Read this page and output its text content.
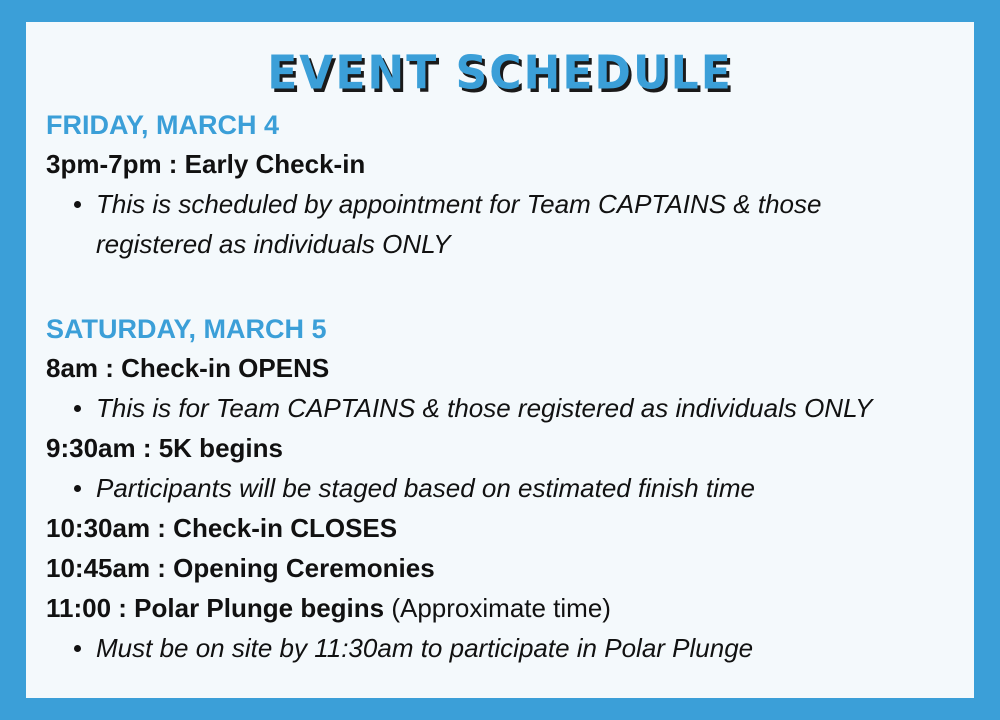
EVENT SCHEDULE
FRIDAY, MARCH 4
3pm-7pm : Early Check-in
This is scheduled by appointment for Team CAPTAINS & those registered as individuals ONLY
SATURDAY, MARCH 5
8am : Check-in OPENS
This is for Team CAPTAINS & those registered as individuals ONLY
9:30am : 5K begins
Participants will be staged based on estimated finish time
10:30am : Check-in CLOSES
10:45am : Opening Ceremonies
11:00 : Polar Plunge begins (Approximate time)
Must be on site by 11:30am to participate in Polar Plunge
